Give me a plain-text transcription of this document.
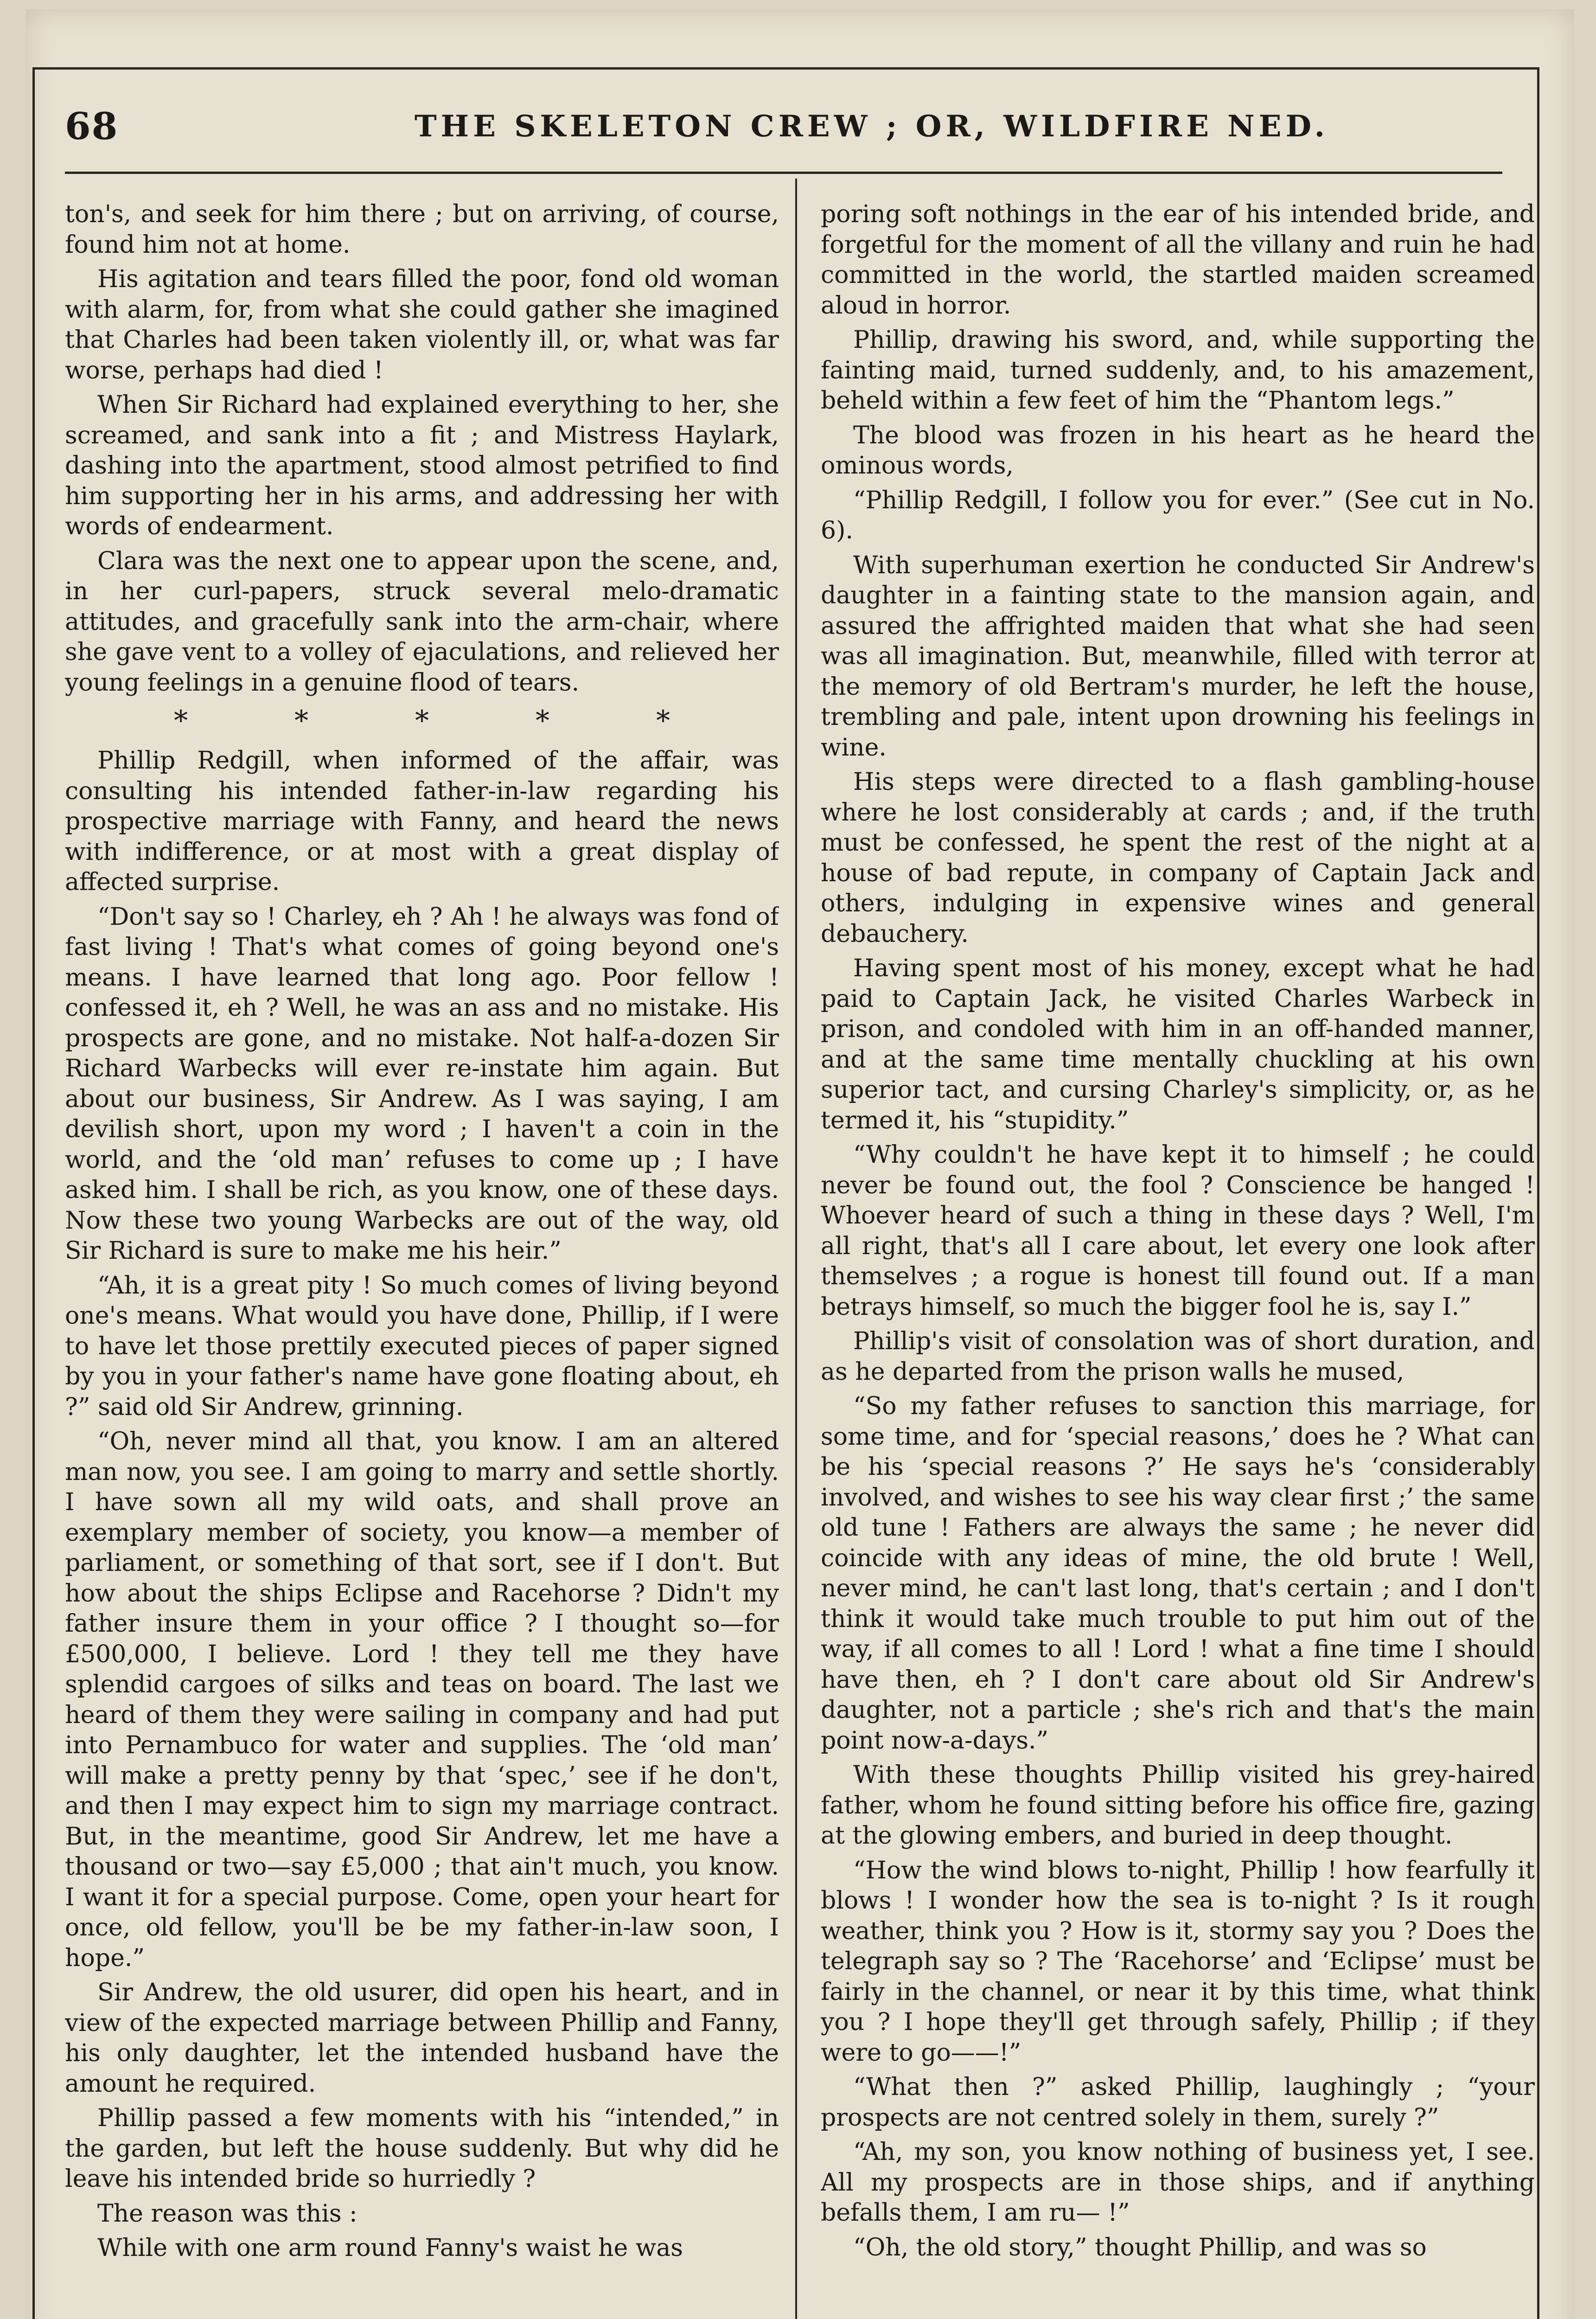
68	THE SKELETON CREW ; OR, WILDFIRE NED.

ton's, and seek for him there ; but on arriving, of course, found him not at home.

His agitation and tears filled the poor, fond old woman with alarm, for, from what she could gather she imagined that Charles had been taken violently ill, or, what was far worse, perhaps had died !

When Sir Richard had explained everything to her, she screamed, and sank into a fit ; and Mistress Haylark, dashing into the apartment, stood almost petrified to find him supporting her in his arms, and addressing her with words of endearment.

Clara was the next one to appear upon the scene, and, in her curl-papers, struck several melo-dramatic attitudes, and gracefully sank into the arm-chair, where she gave vent to a volley of ejaculations, and relieved her young feelings in a genuine flood of tears.

*	*	*	*	*

Phillip Redgill, when informed of the affair, was consulting his intended father-in-law regarding his prospective marriage with Fanny, and heard the news with indifference, or at most with a great display of affected surprise.

“Don't say so ! Charley, eh ? Ah ! he always was fond of fast living ! That's what comes of going beyond one's means. I have learned that long ago. Poor fellow ! confessed it, eh ? Well, he was an ass and no mistake. His prospects are gone, and no mistake. Not half-a-dozen Sir Richard Warbecks will ever re-instate him again. But about our business, Sir Andrew. As I was saying, I am devilish short, upon my word ; I haven't a coin in the world, and the ‘old man’ refuses to come up ; I have asked him. I shall be rich, as you know, one of these days. Now these two young Warbecks are out of the way, old Sir Richard is sure to make me his heir.”

“Ah, it is a great pity ! So much comes of living beyond one's means. What would you have done, Phillip, if I were to have let those prettily executed pieces of paper signed by you in your father's name have gone floating about, eh ?” said old Sir Andrew, grinning.

“Oh, never mind all that, you know. I am an altered man now, you see. I am going to marry and settle shortly. I have sown all my wild oats, and shall prove an exemplary member of society, you know—a member of parliament, or something of that sort, see if I don't. But how about the ships Eclipse and Racehorse ? Didn't my father insure them in your office ? I thought so—for £500,000, I believe. Lord ! they tell me they have splendid cargoes of silks and teas on board. The last we heard of them they were sailing in company and had put into Pernambuco for water and supplies. The ‘old man’ will make a pretty penny by that ‘spec,’ see if he don't, and then I may expect him to sign my marriage contract. But, in the meantime, good Sir Andrew, let me have a thousand or two—say £5,000 ; that ain't much, you know. I want it for a special purpose. Come, open your heart for once, old fellow, you'll be be my father-in-law soon, I hope.”

Sir Andrew, the old usurer, did open his heart, and in view of the expected marriage between Phillip and Fanny, his only daughter, let the intended husband have the amount he required.

Phillip passed a few moments with his “intended,” in the garden, but left the house suddenly. But why did he leave his intended bride so hurriedly ?

The reason was this :

While with one arm round Fanny's waist he was

poring soft nothings in the ear of his intended bride, and forgetful for the moment of all the villany and ruin he had committed in the world, the startled maiden screamed aloud in horror.

Phillip, drawing his sword, and, while supporting the fainting maid, turned suddenly, and, to his amazement, beheld within a few feet of him the “Phantom legs.”

The blood was frozen in his heart as he heard the ominous words,

“Phillip Redgill, I follow you for ever.” (See cut in No. 6).

With superhuman exertion he conducted Sir Andrew's daughter in a fainting state to the mansion again, and assured the affrighted maiden that what she had seen was all imagination. But, meanwhile, filled with terror at the memory of old Bertram's murder, he left the house, trembling and pale, intent upon drowning his feelings in wine.

His steps were directed to a flash gambling-house where he lost considerably at cards ; and, if the truth must be confessed, he spent the rest of the night at a house of bad repute, in company of Captain Jack and others, indulging in expensive wines and general debauchery.

Having spent most of his money, except what he had paid to Captain Jack, he visited Charles Warbeck in prison, and condoled with him in an off-handed manner, and at the same time mentally chuckling at his own superior tact, and cursing Charley's simplicity, or, as he termed it, his “stupidity.”

“Why couldn't he have kept it to himself ; he could never be found out, the fool ? Conscience be hanged ! Whoever heard of such a thing in these days ? Well, I'm all right, that's all I care about, let every one look after themselves ; a rogue is honest till found out. If a man betrays himself, so much the bigger fool he is, say I.”

Phillip's visit of consolation was of short duration, and as he departed from the prison walls he mused,

“So my father refuses to sanction this marriage, for some time, and for ‘special reasons,’ does he ? What can be his ‘special reasons ?’ He says he's ‘considerably involved, and wishes to see his way clear first ;’ the same old tune ! Fathers are always the same ; he never did coincide with any ideas of mine, the old brute ! Well, never mind, he can't last long, that's certain ; and I don't think it would take much trouble to put him out of the way, if all comes to all ! Lord ! what a fine time I should have then, eh ? I don't care about old Sir Andrew's daughter, not a particle ; she's rich and that's the main point now-a-days.”

With these thoughts Phillip visited his grey-haired father, whom he found sitting before his office fire, gazing at the glowing embers, and buried in deep thought.

“How the wind blows to-night, Phillip ! how fearfully it blows ! I wonder how the sea is to-night ? Is it rough weather, think you ? How is it, stormy say you ? Does the telegraph say so ? The ‘Racehorse’ and ‘Eclipse’ must be fairly in the channel, or near it by this time, what think you ? I hope they'll get through safely, Phillip ; if they were to go——!”

“What then ?” asked Phillip, laughingly ; “your prospects are not centred solely in them, surely ?”

“Ah, my son, you know nothing of business yet, I see. All my prospects are in those ships, and if anything befalls them, I am ru— !”

“Oh, the old story,” thought Phillip, and was so
